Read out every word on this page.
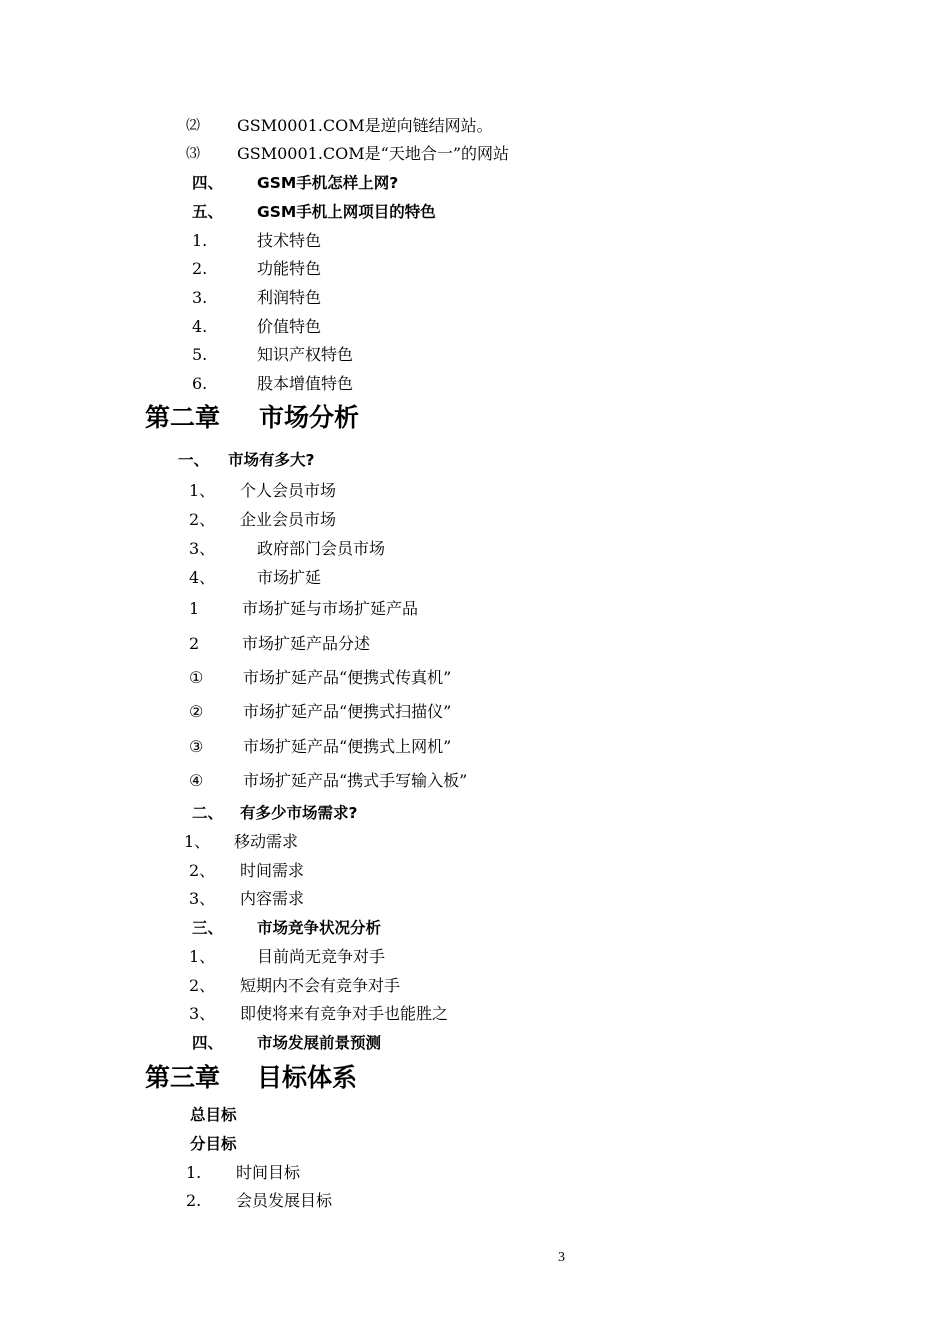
⑵ GSM0001.COM是逆向链结网站。
⑶ GSM0001.COM是“天地合一”的网站
四、 GSM手机怎样上网?
五、 GSM手机上网项目的特色
1.	技术特色
2.	功能特色
3.	利润特色
4.	价值特色
5.	知识产权特色
6.	股本增值特色
第二章 市场分析
一、 市场有多大?
1、 个人会员市场
2、 企业会员市场
3、	政府部门会员市场
4、	市场扩延
1	市场扩延与市场扩延产品
2	市场扩延产品分述
① 市场扩延产品“便携式传真机”
② 市场扩延产品“便携式扫描仪”
③ 市场扩延产品“便携式上网机”
④ 市场扩延产品“携式手写输入板”
二、 有多少市场需求?
1、 移动需求
2、 时间需求
3、 内容需求
三、 市场竞争状况分析
1、	目前尚无竞争对手
2、 短期内不会有竞争对手
3、 即使将来有竞争对手也能胜之
四、 市场发展前景预测
第三章 目标体系
总目标
分目标
1. 时间目标
2. 会员发展目标
3
